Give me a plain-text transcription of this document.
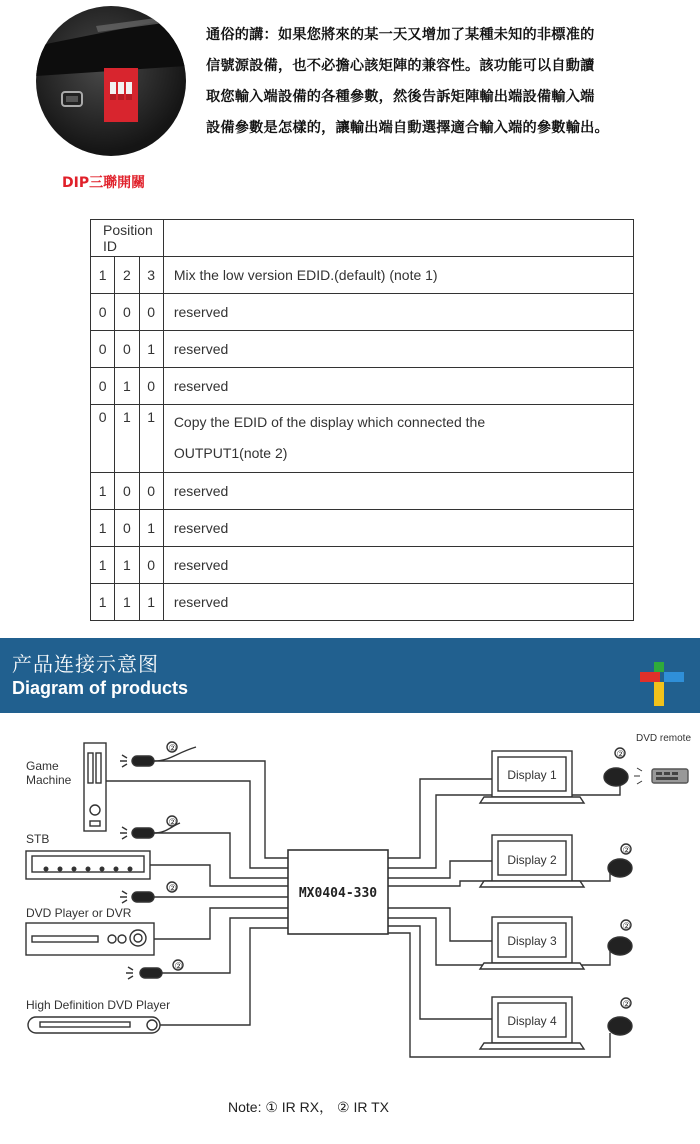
DIP三聯開關
通俗的講：如果您將來的某一天又增加了某種未知的非標准的
信號源設備，也不必擔心該矩陣的兼容性。該功能可以自動讀
取您輸入端設備的各種參數，然後告訴矩陣輸出端設備輸入端
設備參數是怎樣的，讓輸出端自動選擇適合輸入端的參數輸出。
Position ID			
1	2	3	Mix the low version EDID.(default) (note 1)
0	0	0	reserved
0	0	1	reserved
0	1	0	reserved
0	1	1	Copy the EDID of the display which connected the
OUTPUT1(note 2)

1	0	0	reserved
1	0	1	reserved
1	1	0	reserved
1	1	1	reserved
产品连接示意图
Diagram of products
Game
Machine
STB
DVD Player or DVR
High Definition DVD Player
②
②
②
②
MX0404-330
Display 1
Display 2
Display 3
Display 4
②
②
②
②
DVD remote
Note: ① IR RX， ② IR TX
